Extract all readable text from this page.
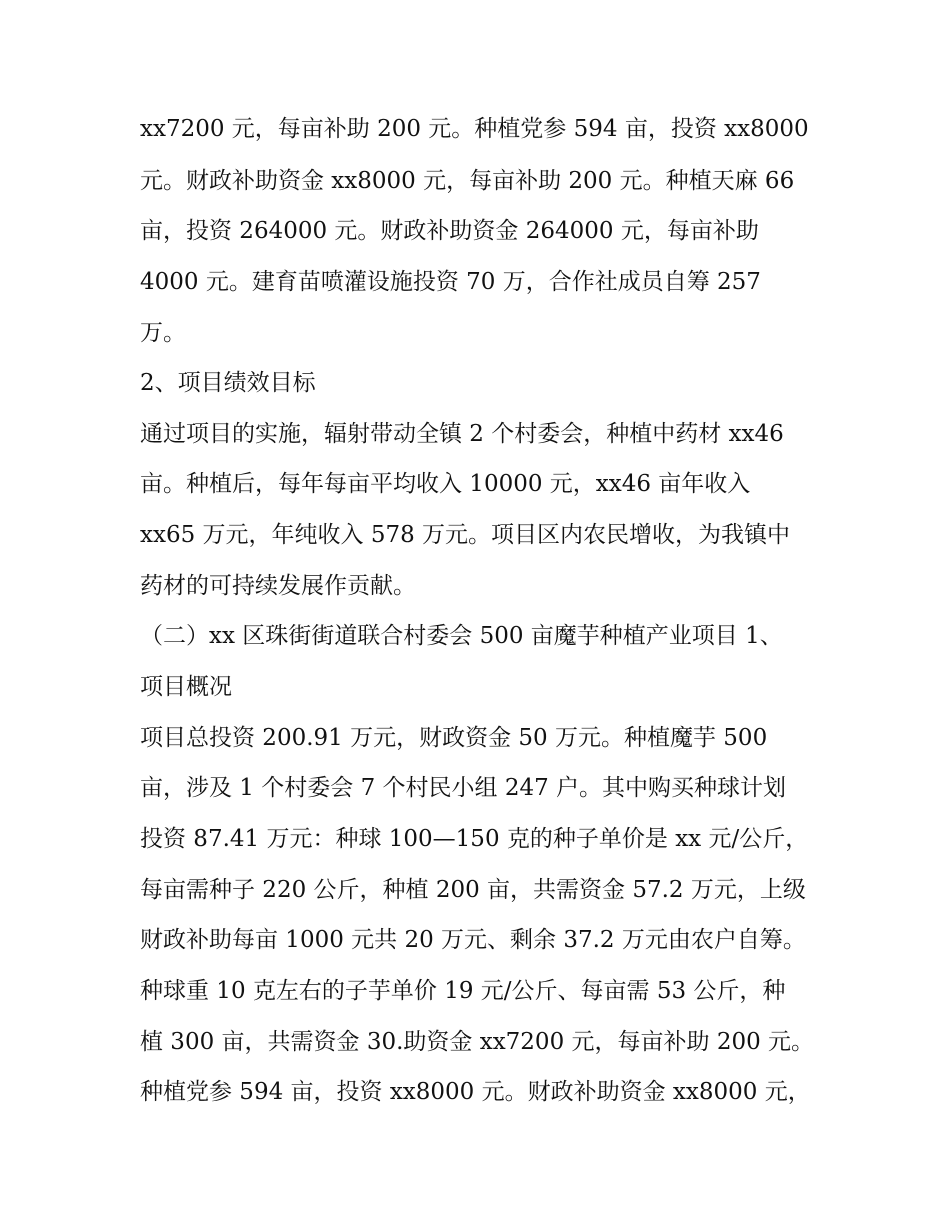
xx7200 元，每亩补助 200 元。种植党参 594 亩，投资 xx8000
元。财政补助资金 xx8000 元，每亩补助 200 元。种植天麻 66
亩，投资 264000 元。财政补助资金 264000 元，每亩补助
4000 元。建育苗喷灌设施投资 70 万，合作社成员自筹 257
万。
2、项目绩效目标
通过项目的实施，辐射带动全镇 2 个村委会，种植中药材 xx46
亩。种植后，每年每亩平均收入 10000 元，xx46 亩年收入
xx65 万元，年纯收入 578 万元。项目区内农民增收，为我镇中
药材的可持续发展作贡献。
（二）xx 区珠街街道联合村委会 500 亩魔芋种植产业项目 1、
项目概况
项目总投资 200.91 万元，财政资金 50 万元。种植魔芋 500
亩，涉及 1 个村委会 7 个村民小组 247 户。其中购买种球计划
投资 87.41 万元：种球 100—150 克的种子单价是 xx 元/公斤，
每亩需种子 220 公斤，种植 200 亩，共需资金 57.2 万元，上级
财政补助每亩 1000 元共 20 万元、剩余 37.2 万元由农户自筹。
种球重 10 克左右的子芋单价 19 元/公斤、每亩需 53 公斤，种
植 300 亩，共需资金 30.助资金 xx7200 元，每亩补助 200 元。
种植党参 594 亩，投资 xx8000 元。财政补助资金 xx8000 元，
